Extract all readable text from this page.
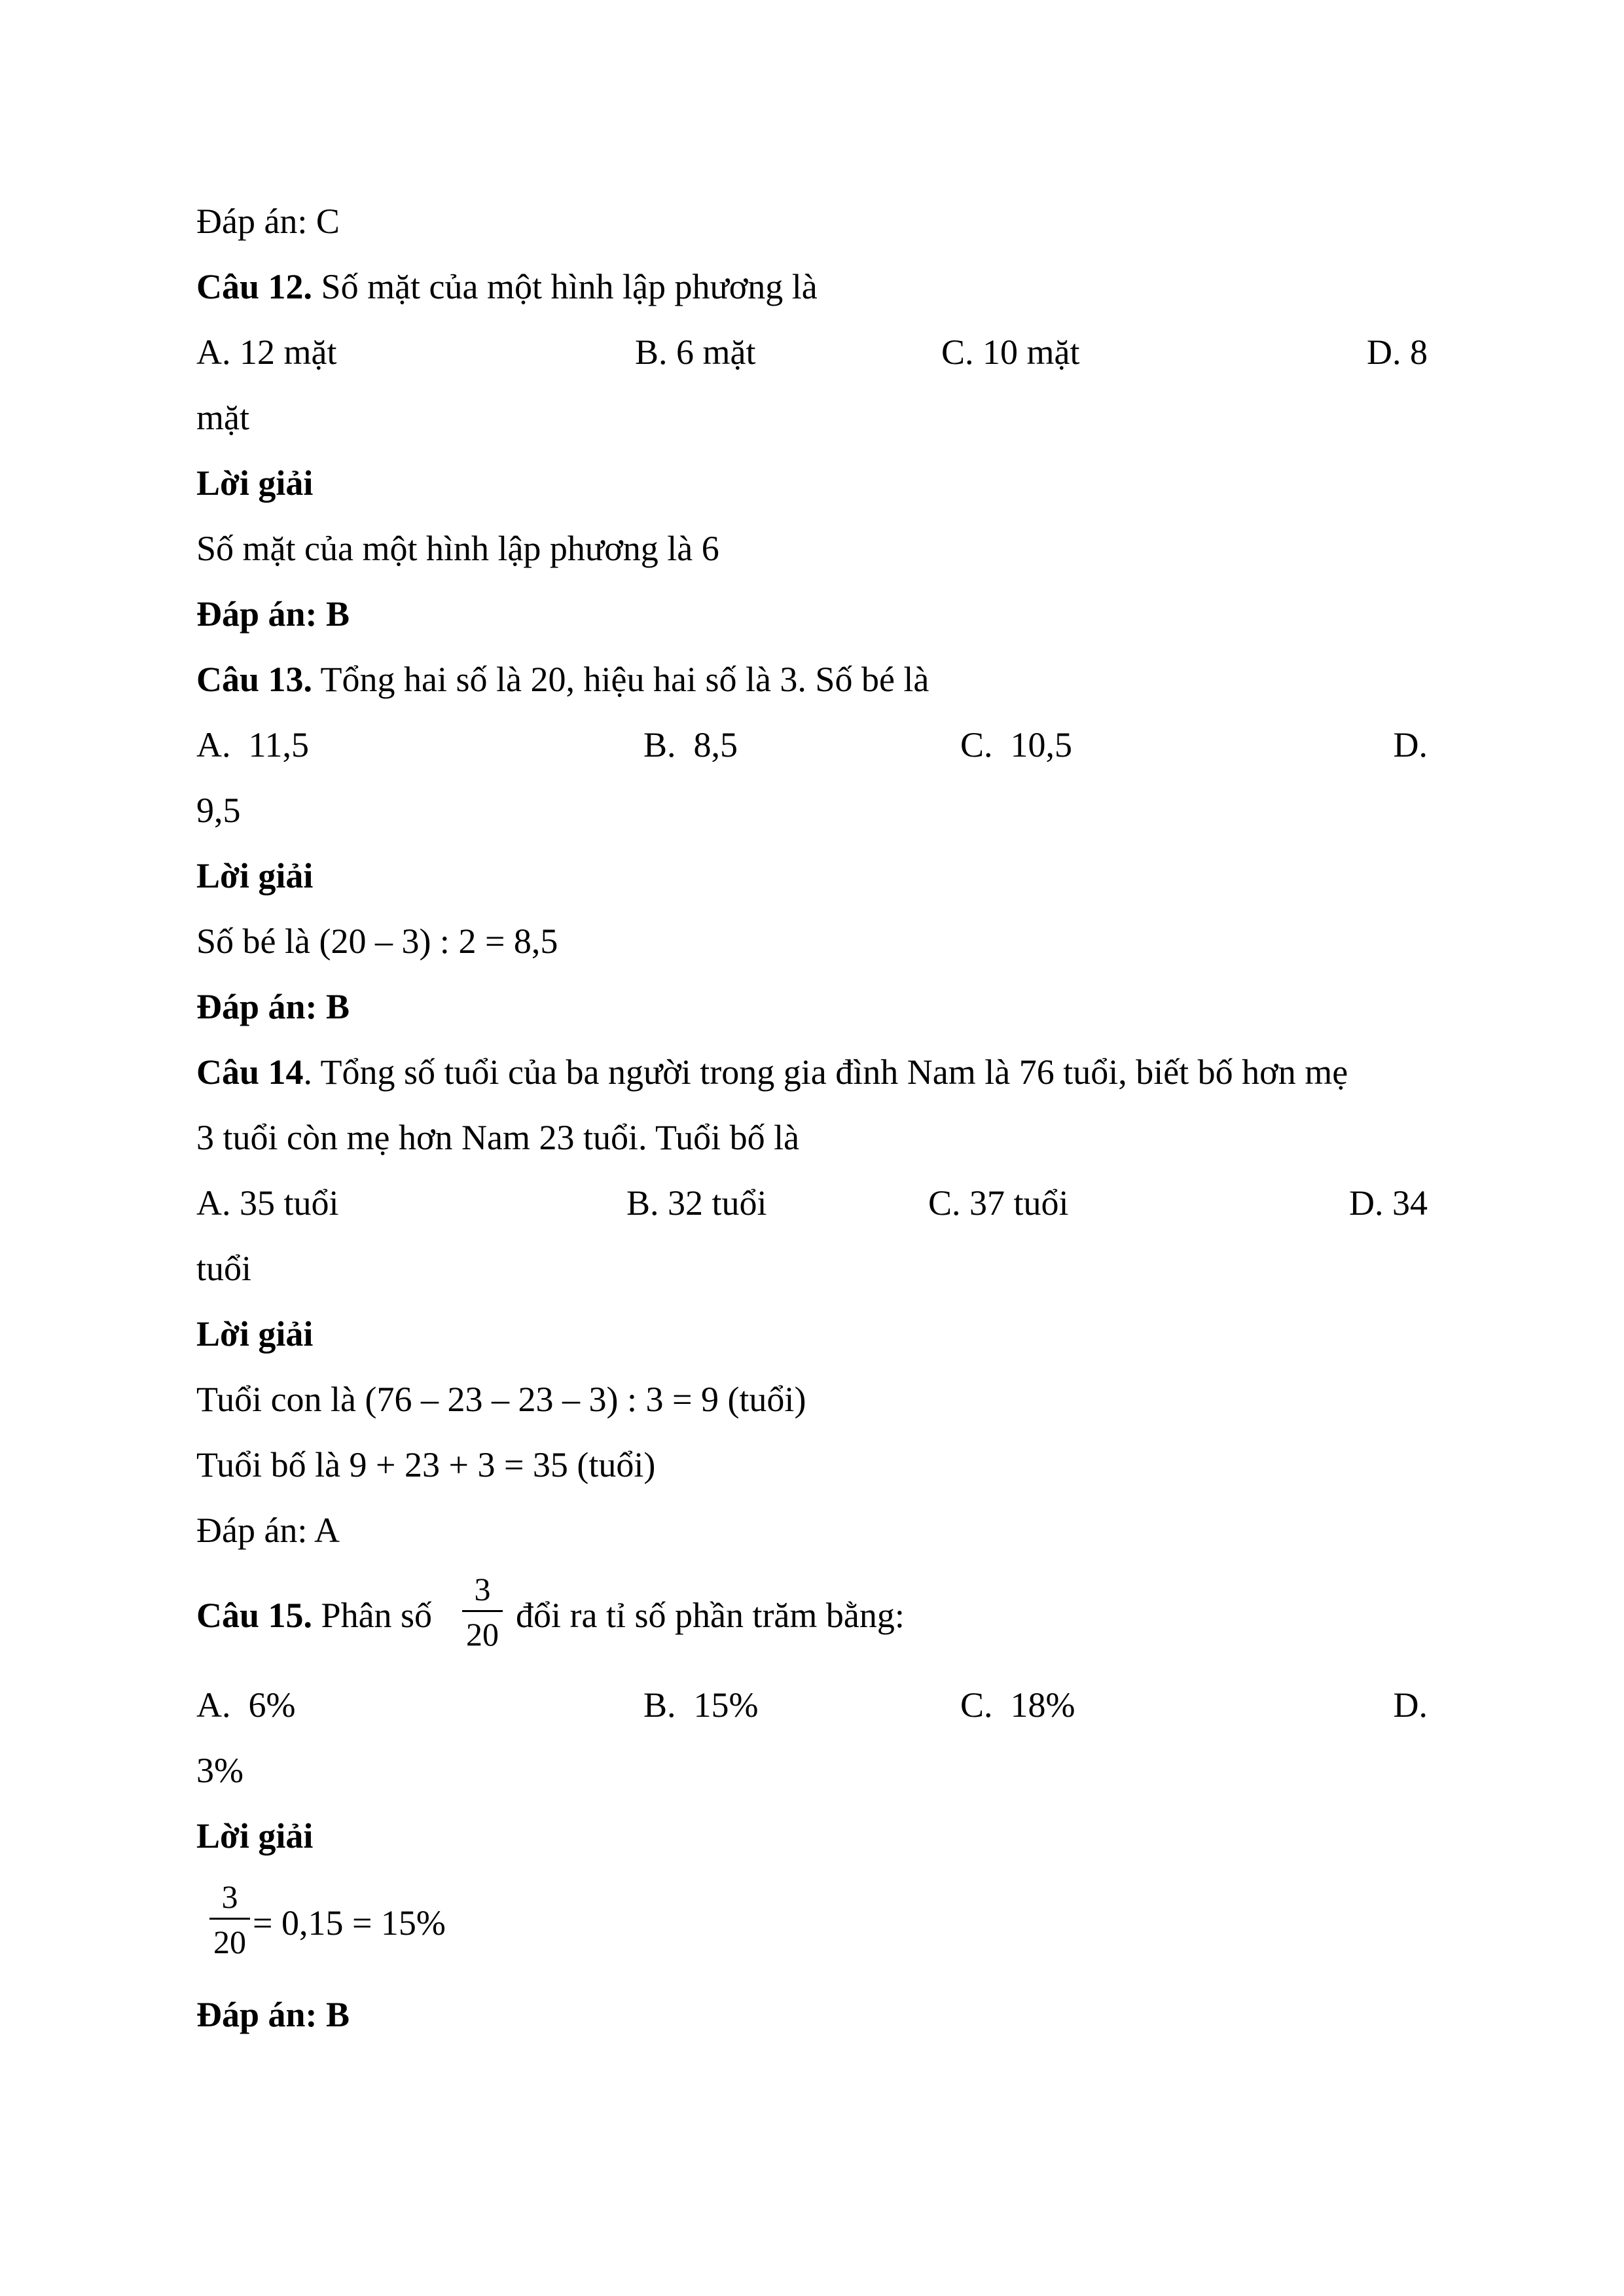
Đáp án: C
Câu 12. Số mặt của một hình lập phương là
A. 12 mặt	B. 6 mặt	C. 10 mặt	D. 8
mặt
Lời giải
Số mặt của một hình lập phương là 6
Đáp án: B
Câu 13. Tổng hai số là 20, hiệu hai số là 3. Số bé là
A.  11,5	B.  8,5	C.  10,5	D.
9,5
Lời giải
Số bé là (20 – 3) : 2 = 8,5
Đáp án: B
Câu 14. Tổng số tuổi của ba người trong gia đình Nam là 76 tuổi, biết bố hơn mẹ
3 tuổi còn mẹ hơn Nam 23 tuổi. Tuổi bố là
A. 35 tuổi	B. 32 tuổi	C. 37 tuổi	D. 34
tuổi
Lời giải
Tuổi con là (76 – 23 – 23 – 3) : 3 = 9 (tuổi)
Tuổi bố là 9 + 23 + 3 = 35 (tuổi)
Đáp án: A
Câu 15. Phân số
3
20 đổi ra tỉ số phần trăm bằng:
A.  6%	B.  15%	C.  18%	D.
3%
Lời giải
3
20 = 0,15 = 15%
Đáp án: B
